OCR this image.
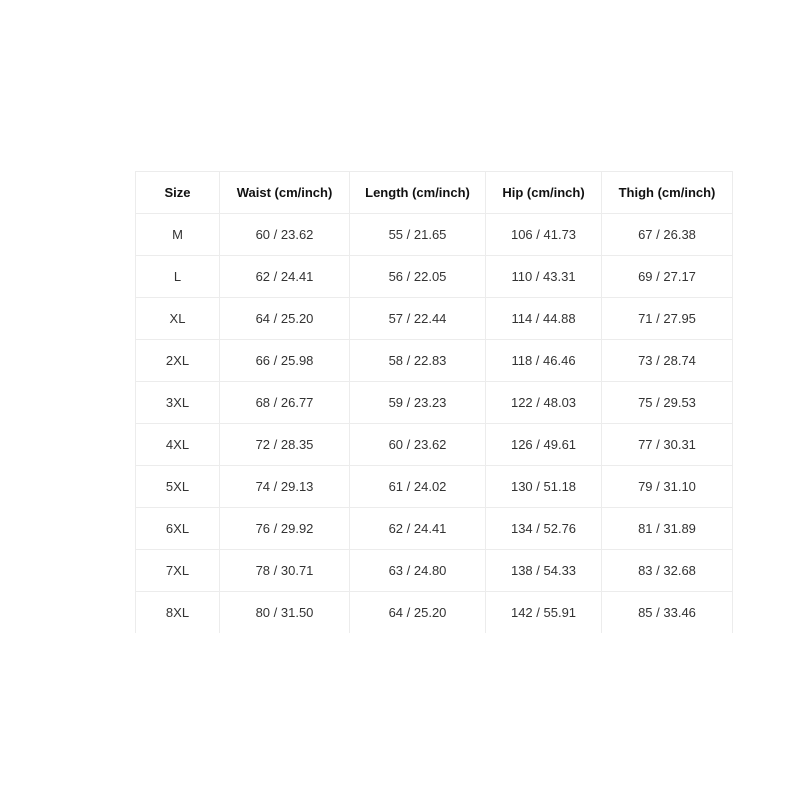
Size	Waist (cm/inch)	Length (cm/inch)	Hip (cm/inch)	Thigh (cm/inch)
M	60 / 23.62	55 / 21.65	106 / 41.73	67 / 26.38
L	62 / 24.41	56 / 22.05	110 / 43.31	69 / 27.17
XL	64 / 25.20	57 / 22.44	114 / 44.88	71 / 27.95
2XL	66 / 25.98	58 / 22.83	118 / 46.46	73 / 28.74
3XL	68 / 26.77	59 / 23.23	122 / 48.03	75 / 29.53
4XL	72 / 28.35	60 / 23.62	126 / 49.61	77 / 30.31
5XL	74 / 29.13	61 / 24.02	130 / 51.18	79 / 31.10
6XL	76 / 29.92	62 / 24.41	134 / 52.76	81 / 31.89
7XL	78 / 30.71	63 / 24.80	138 / 54.33	83 / 32.68
8XL	80 / 31.50	64 / 25.20	142 / 55.91	85 / 33.46
